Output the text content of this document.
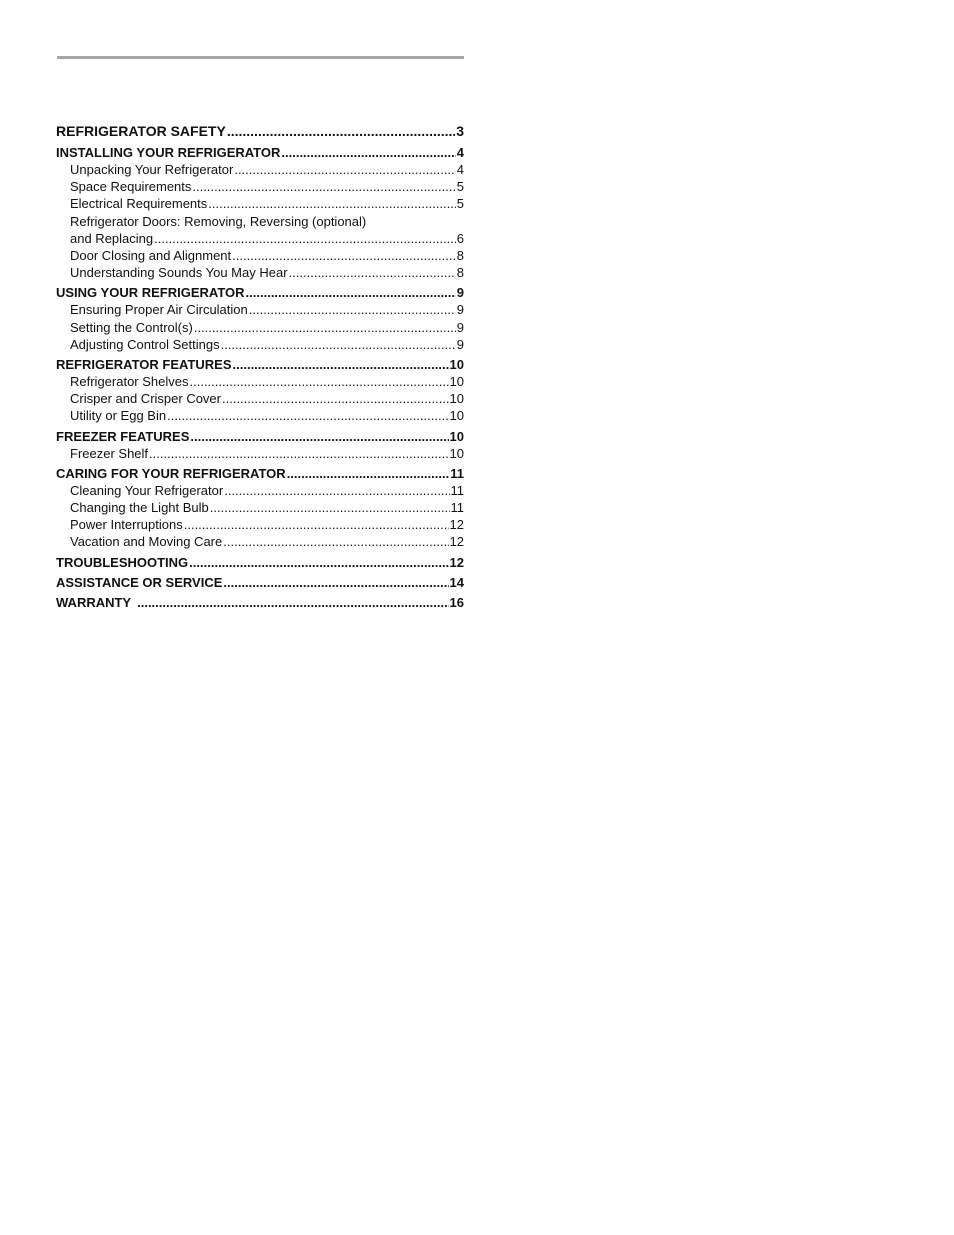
REFRIGERATOR SAFETY .....	3
INSTALLING YOUR REFRIGERATOR .....	4
Unpacking Your Refrigerator .....	4
Space Requirements .....	5
Electrical Requirements .....	5
Refrigerator Doors: Removing, Reversing (optional)
and Replacing .....	6
Door Closing and Alignment .....	8
Understanding Sounds You May Hear .....	8
USING YOUR REFRIGERATOR .....	9
Ensuring Proper Air Circulation .....	9
Setting the Control(s) .....	9
Adjusting Control Settings .....	9
REFRIGERATOR FEATURES .....	10
Refrigerator Shelves .....	10
Crisper and Crisper Cover .....	10
Utility or Egg Bin .....	10
FREEZER FEATURES .....	10
Freezer Shelf .....	10
CARING FOR YOUR REFRIGERATOR .....	11
Cleaning Your Refrigerator .....	11
Changing the Light Bulb .....	11
Power Interruptions .....	12
Vacation and Moving Care .....	12
TROUBLESHOOTING .....	12
ASSISTANCE OR SERVICE .....	14
WARRANTY .....	16
